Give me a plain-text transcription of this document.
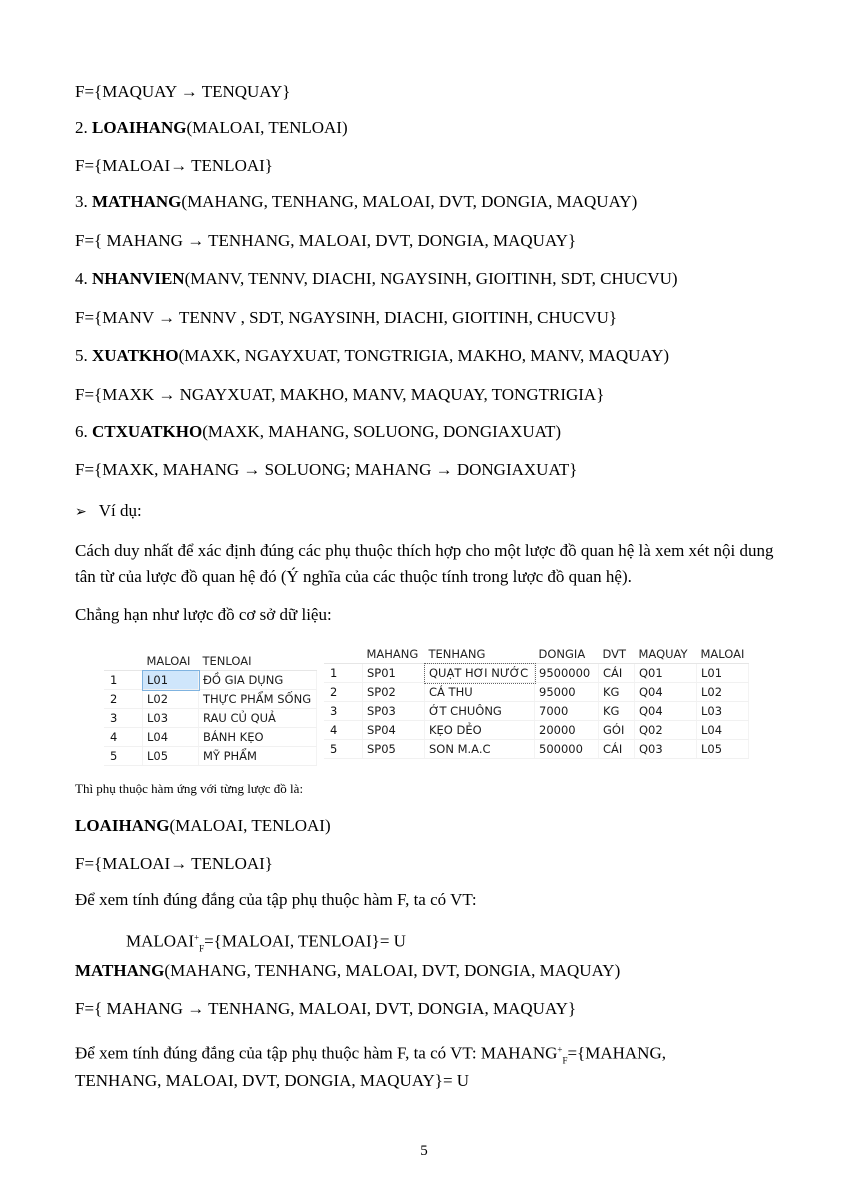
F={MAQUAY → TENQUAY}
2. LOAIHANG(MALOAI, TENLOAI)
F={MALOAI→ TENLOAI}
3. MATHANG(MAHANG, TENHANG, MALOAI, DVT, DONGIA, MAQUAY)
F={ MAHANG → TENHANG, MALOAI, DVT, DONGIA, MAQUAY}
4. NHANVIEN(MANV, TENNV, DIACHI, NGAYSINH, GIOITINH, SDT, CHUCVU)
F={MANV → TENNV , SDT, NGAYSINH, DIACHI, GIOITINH, CHUCVU}
5. XUATKHO(MAXK, NGAYXUAT, TONGTRIGIA, MAKHO, MANV, MAQUAY)
F={MAXK → NGAYXUAT, MAKHO, MANV, MAQUAY, TONGTRIGIA}
6. CTXUATKHO(MAXK, MAHANG, SOLUONG, DONGIAXUAT)
F={MAXK, MAHANG → SOLUONG; MAHANG → DONGIAXUAT}
➢ Ví dụ:
Cách duy nhất để xác định đúng các phụ thuộc thích hợp cho một lược đồ quan hệ là xem xét nội dung tân từ của lược đồ quan hệ đó (Ý nghĩa của các thuộc tính trong lược đồ quan hệ).
Chẳng hạn như lược đồ cơ sở dữ liệu:
	MALOAI	TENLOAI
1	L01	ĐỒ GIA DỤNG
2	L02	THỰC PHẨM SỐNG
3	L03	RAU CỦ QUẢ
4	L04	BÁNH KẸO
5	L05	MỸ PHẨM
	MAHANG	TENHANG	DONGIA	DVT	MAQUAY	MALOAI
1	SP01	QUẠT HƠI NƯỚC	9500000	CÁI	Q01	L01
2	SP02	CÁ THU	95000	KG	Q04	L02
3	SP03	ỚT CHUÔNG	7000	KG	Q04	L03
4	SP04	KẸO DẺO	20000	GÓI	Q02	L04
5	SP05	SON M.A.C	500000	CÁI	Q03	L05
Thì phụ thuộc hàm ứng với từng lược đồ là:
LOAIHANG(MALOAI, TENLOAI)
F={MALOAI→ TENLOAI}
Để xem tính đúng đắng của tập phụ thuộc hàm F, ta có VT:
$MALOAI^+_F=\{MALOAI$, TENLOAI}= U
MATHANG(MAHANG, TENHANG, MALOAI, DVT, DONGIA, MAQUAY)
F={ MAHANG → TENHANG, MALOAI, DVT, DONGIA, MAQUAY}
Để xem tính đúng đắng của tập phụ thuộc hàm F, ta có VT: $MAHANG^+_F=\{MAHANG$,
TENHANG, MALOAI, DVT, DONGIA, MAQUAY}= U
5
